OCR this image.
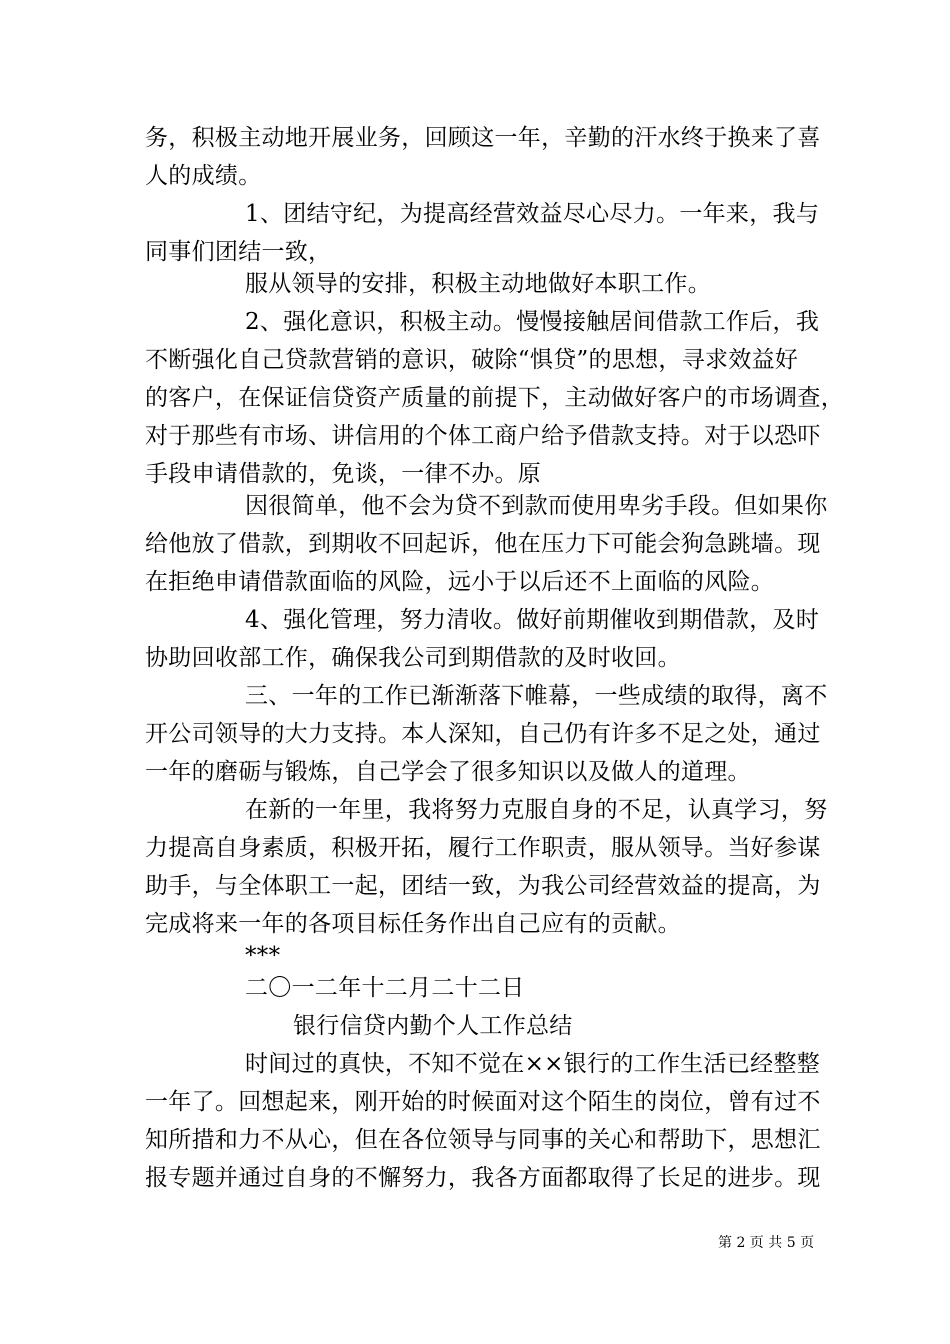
务，积极主动地开展业务，回顾这一年，辛勤的汗水终于换来了喜
人的成绩。
1、团结守纪，为提高经营效益尽心尽力。一年来，我与
同事们团结一致，
服从领导的安排，积极主动地做好本职工作。
2、强化意识，积极主动。慢慢接触居间借款工作后，我
不断强化自己贷款营销的意识，破除“惧贷”的思想，寻求效益好
的客户，在保证信贷资产质量的前提下，主动做好客户的市场调查，
对于那些有市场、讲信用的个体工商户给予借款支持。对于以恐吓
手段申请借款的，免谈，一律不办。原
因很简单，他不会为贷不到款而使用卑劣手段。但如果你
给他放了借款，到期收不回起诉，他在压力下可能会狗急跳墙。现
在拒绝申请借款面临的风险，远小于以后还不上面临的风险。
4、强化管理，努力清收。做好前期催收到期借款，及时
协助回收部工作，确保我公司到期借款的及时收回。
三、一年的工作已渐渐落下帷幕，一些成绩的取得，离不
开公司领导的大力支持。本人深知，自己仍有许多不足之处，通过
一年的磨砺与锻炼，自己学会了很多知识以及做人的道理。
在新的一年里，我将努力克服自身的不足，认真学习，努
力提高自身素质，积极开拓，履行工作职责，服从领导。当好参谋
助手，与全体职工一起，团结一致，为我公司经营效益的提高，为
完成将来一年的各项目标任务作出自己应有的贡献。
***
二〇一二年十二月二十二日
银行信贷内勤个人工作总结
时间过的真快，不知不觉在××银行的工作生活已经整整
一年了。回想起来，刚开始的时候面对这个陌生的岗位，曾有过不
知所措和力不从心，但在各位领导与同事的关心和帮助下，思想汇
报专题并通过自身的不懈努力，我各方面都取得了长足的进步。现
第 2 页 共 5 页
